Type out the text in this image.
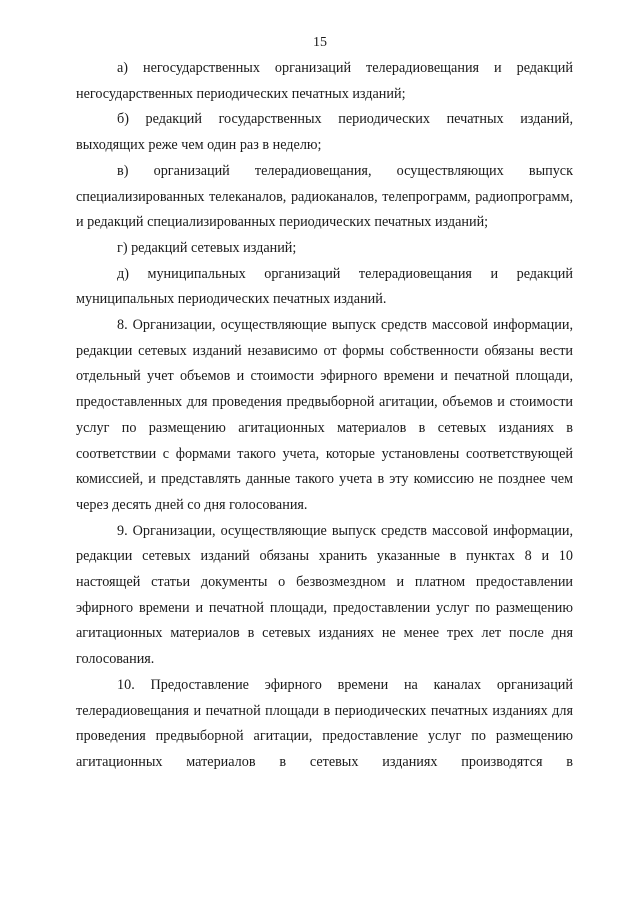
15

а) негосударственных организаций телерадиовещания и редакций негосударственных периодических печатных изданий;

б) редакций государственных периодических печатных изданий, выходящих реже чем один раз в неделю;

в) организаций телерадиовещания, осуществляющих выпуск специализированных телеканалов, радиоканалов, телепрограмм, радиопрограмм, и редакций специализированных периодических печатных изданий;

г) редакций сетевых изданий;

д) муниципальных организаций телерадиовещания и редакций муниципальных периодических печатных изданий.

8. Организации, осуществляющие выпуск средств массовой информации, редакции сетевых изданий независимо от формы собственности обязаны вести отдельный учет объемов и стоимости эфирного времени и печатной площади, предоставленных для проведения предвыборной агитации, объемов и стоимости услуг по размещению агитационных материалов в сетевых изданиях в соответствии с формами такого учета, которые установлены соответствующей комиссией, и представлять данные такого учета в эту комиссию не позднее чем через десять дней со дня голосования.

9. Организации, осуществляющие выпуск средств массовой информации, редакции сетевых изданий обязаны хранить указанные в пунктах 8 и 10 настоящей статьи документы о безвозмездном и платном предоставлении эфирного времени и печатной площади, предоставлении услуг по размещению агитационных материалов в сетевых изданиях не менее трех лет после дня голосования.

10. Предоставление эфирного времени на каналах организаций телерадиовещания и печатной площади в периодических печатных изданиях для проведения предвыборной агитации, предоставление услуг по размещению агитационных материалов в сетевых изданиях производятся в
